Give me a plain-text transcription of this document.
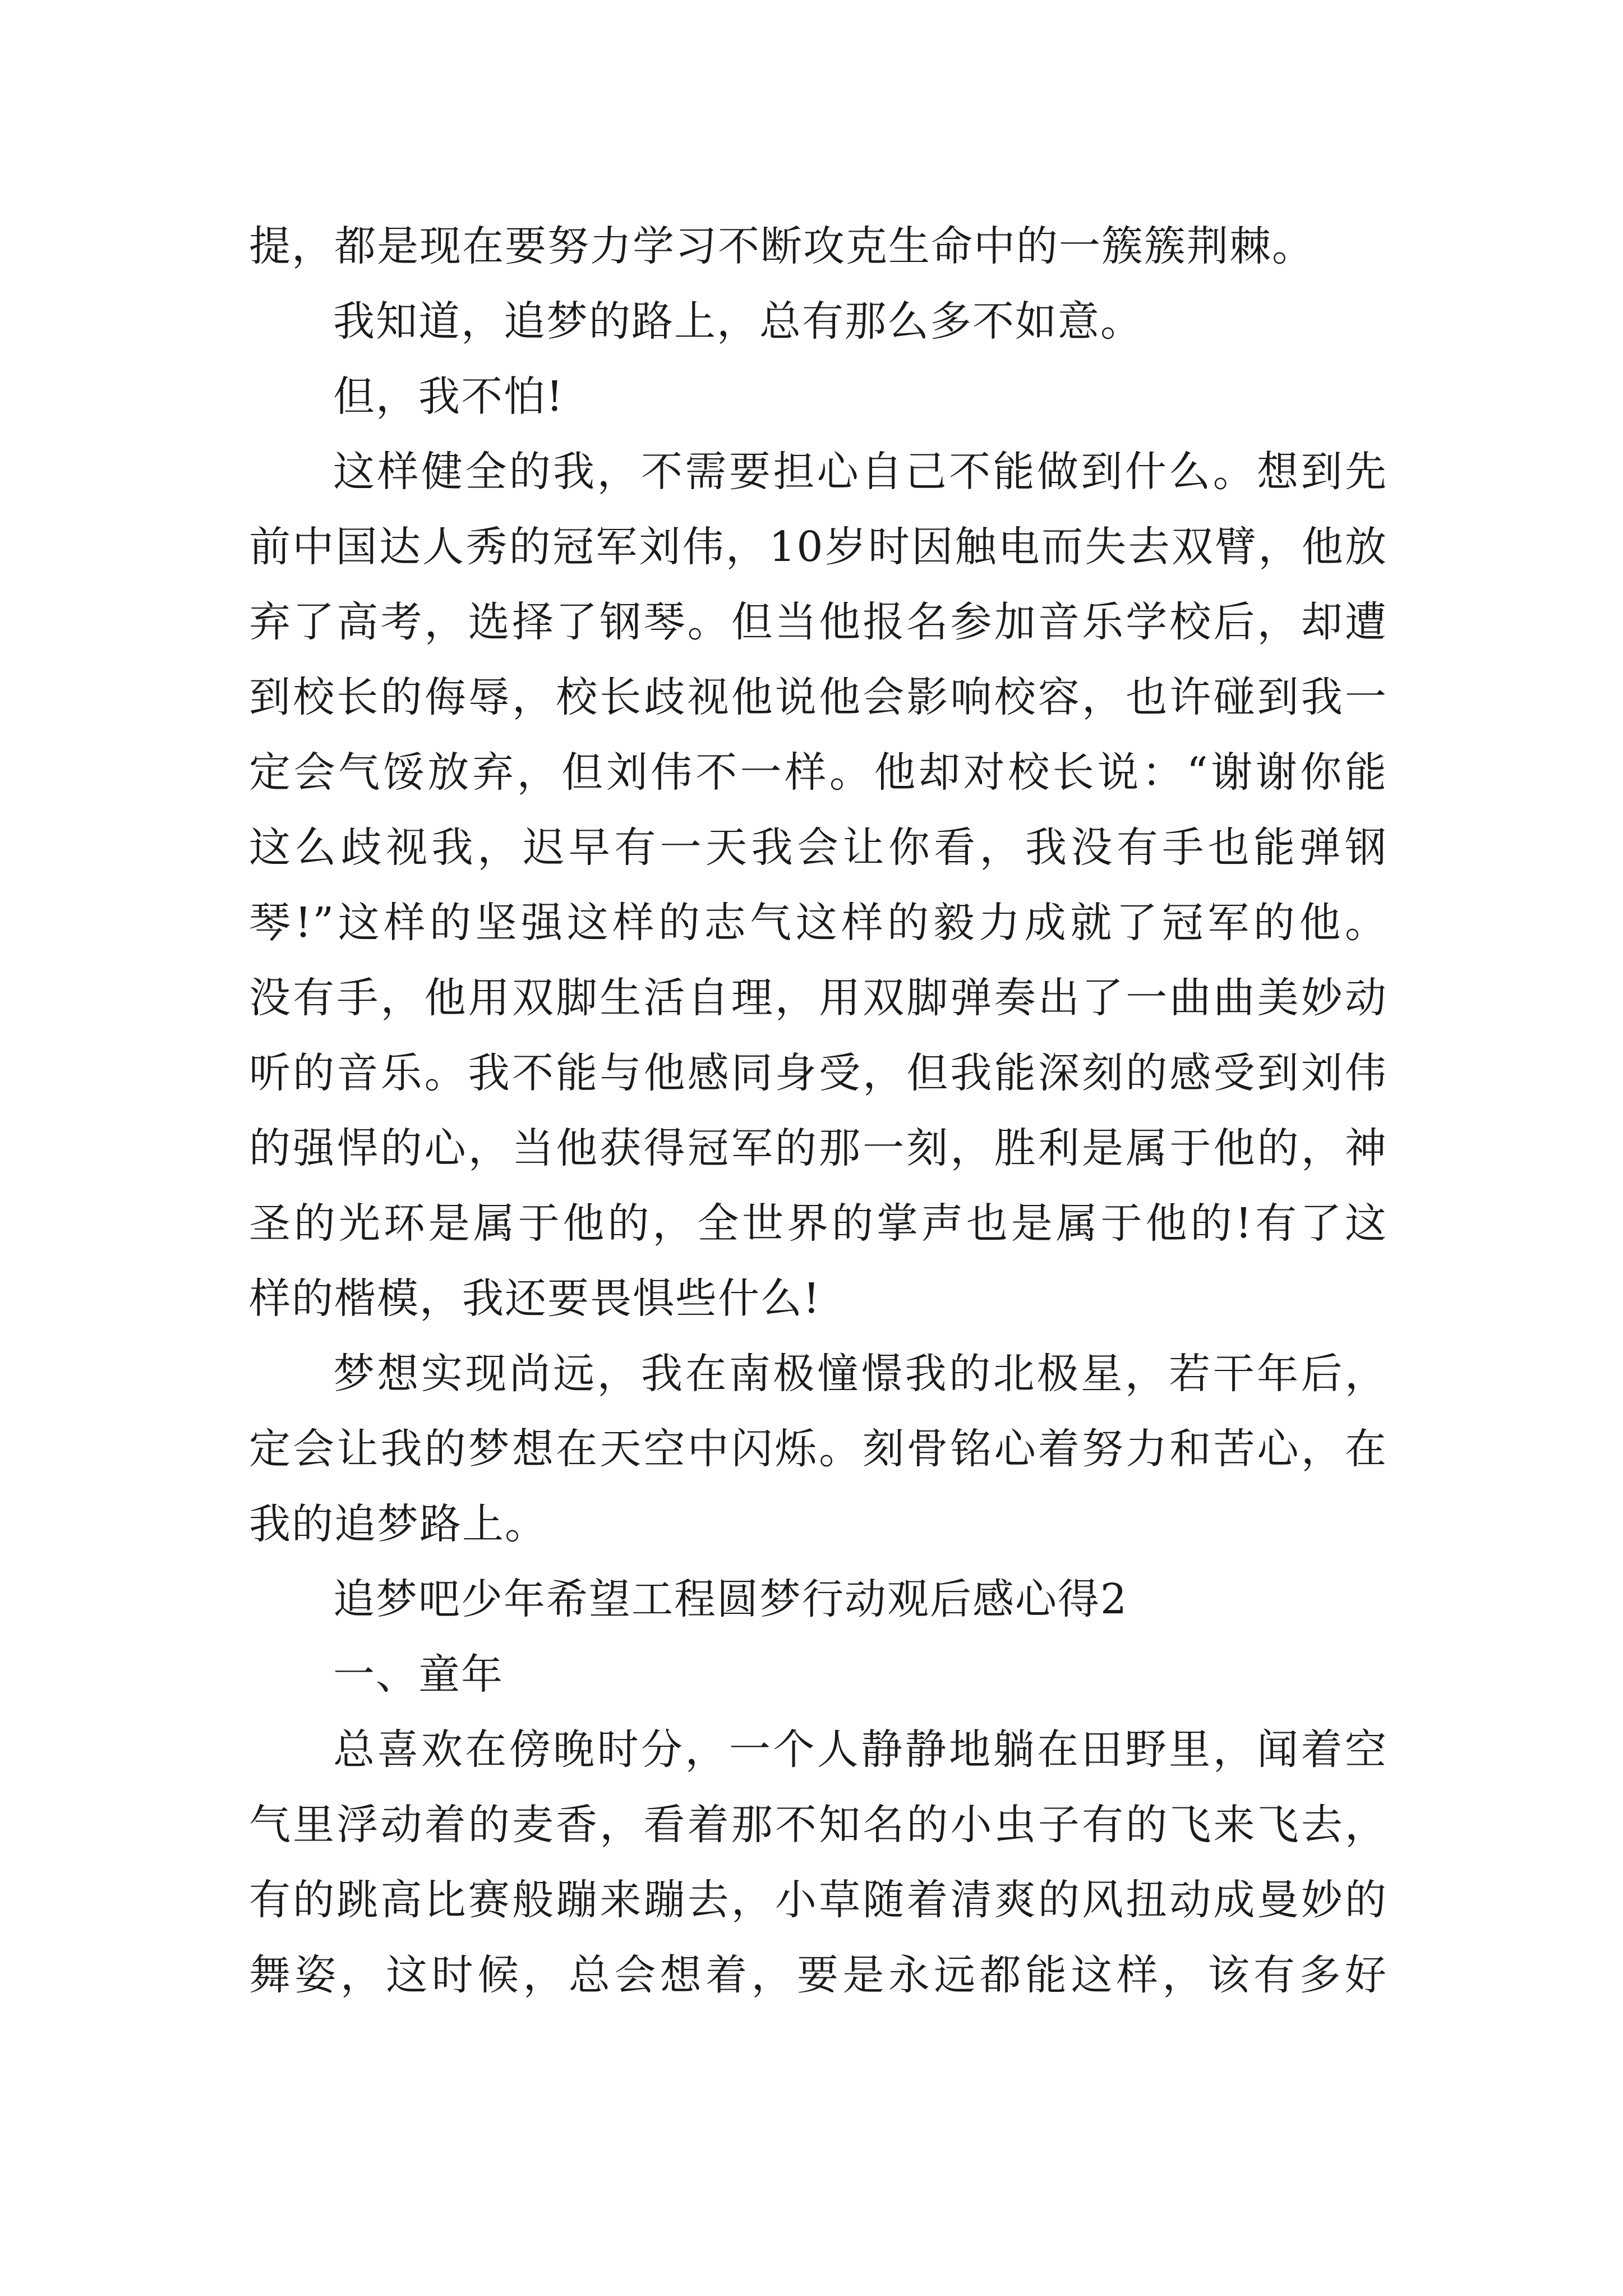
提，都是现在要努力学习不断攻克生命中的一簇簇荆棘。
我知道，追梦的路上，总有那么多不如意。
但，我不怕!
这样健全的我，不需要担心自己不能做到什么。想到先
前中国达人秀的冠军刘伟，10岁时因触电而失去双臂，他放
弃了高考，选择了钢琴。但当他报名参加音乐学校后，却遭
到校长的侮辱，校长歧视他说他会影响校容，也许碰到我一
定会气馁放弃，但刘伟不一样。他却对校长说：“谢谢你能
这么歧视我，迟早有一天我会让你看，我没有手也能弹钢
琴!”这样的坚强这样的志气这样的毅力成就了冠军的他。
没有手，他用双脚生活自理，用双脚弹奏出了一曲曲美妙动
听的音乐。我不能与他感同身受，但我能深刻的感受到刘伟
的强悍的心，当他获得冠军的那一刻，胜利是属于他的，神
圣的光环是属于他的，全世界的掌声也是属于他的!有了这
样的楷模，我还要畏惧些什么!
梦想实现尚远，我在南极憧憬我的北极星，若干年后，
定会让我的梦想在天空中闪烁。刻骨铭心着努力和苦心，在
我的追梦路上。
追梦吧少年希望工程圆梦行动观后感心得2
一、童年
总喜欢在傍晚时分，一个人静静地躺在田野里，闻着空
气里浮动着的麦香，看着那不知名的小虫子有的飞来飞去，
有的跳高比赛般蹦来蹦去，小草随着清爽的风扭动成曼妙的
舞姿，这时候，总会想着，要是永远都能这样，该有多好
